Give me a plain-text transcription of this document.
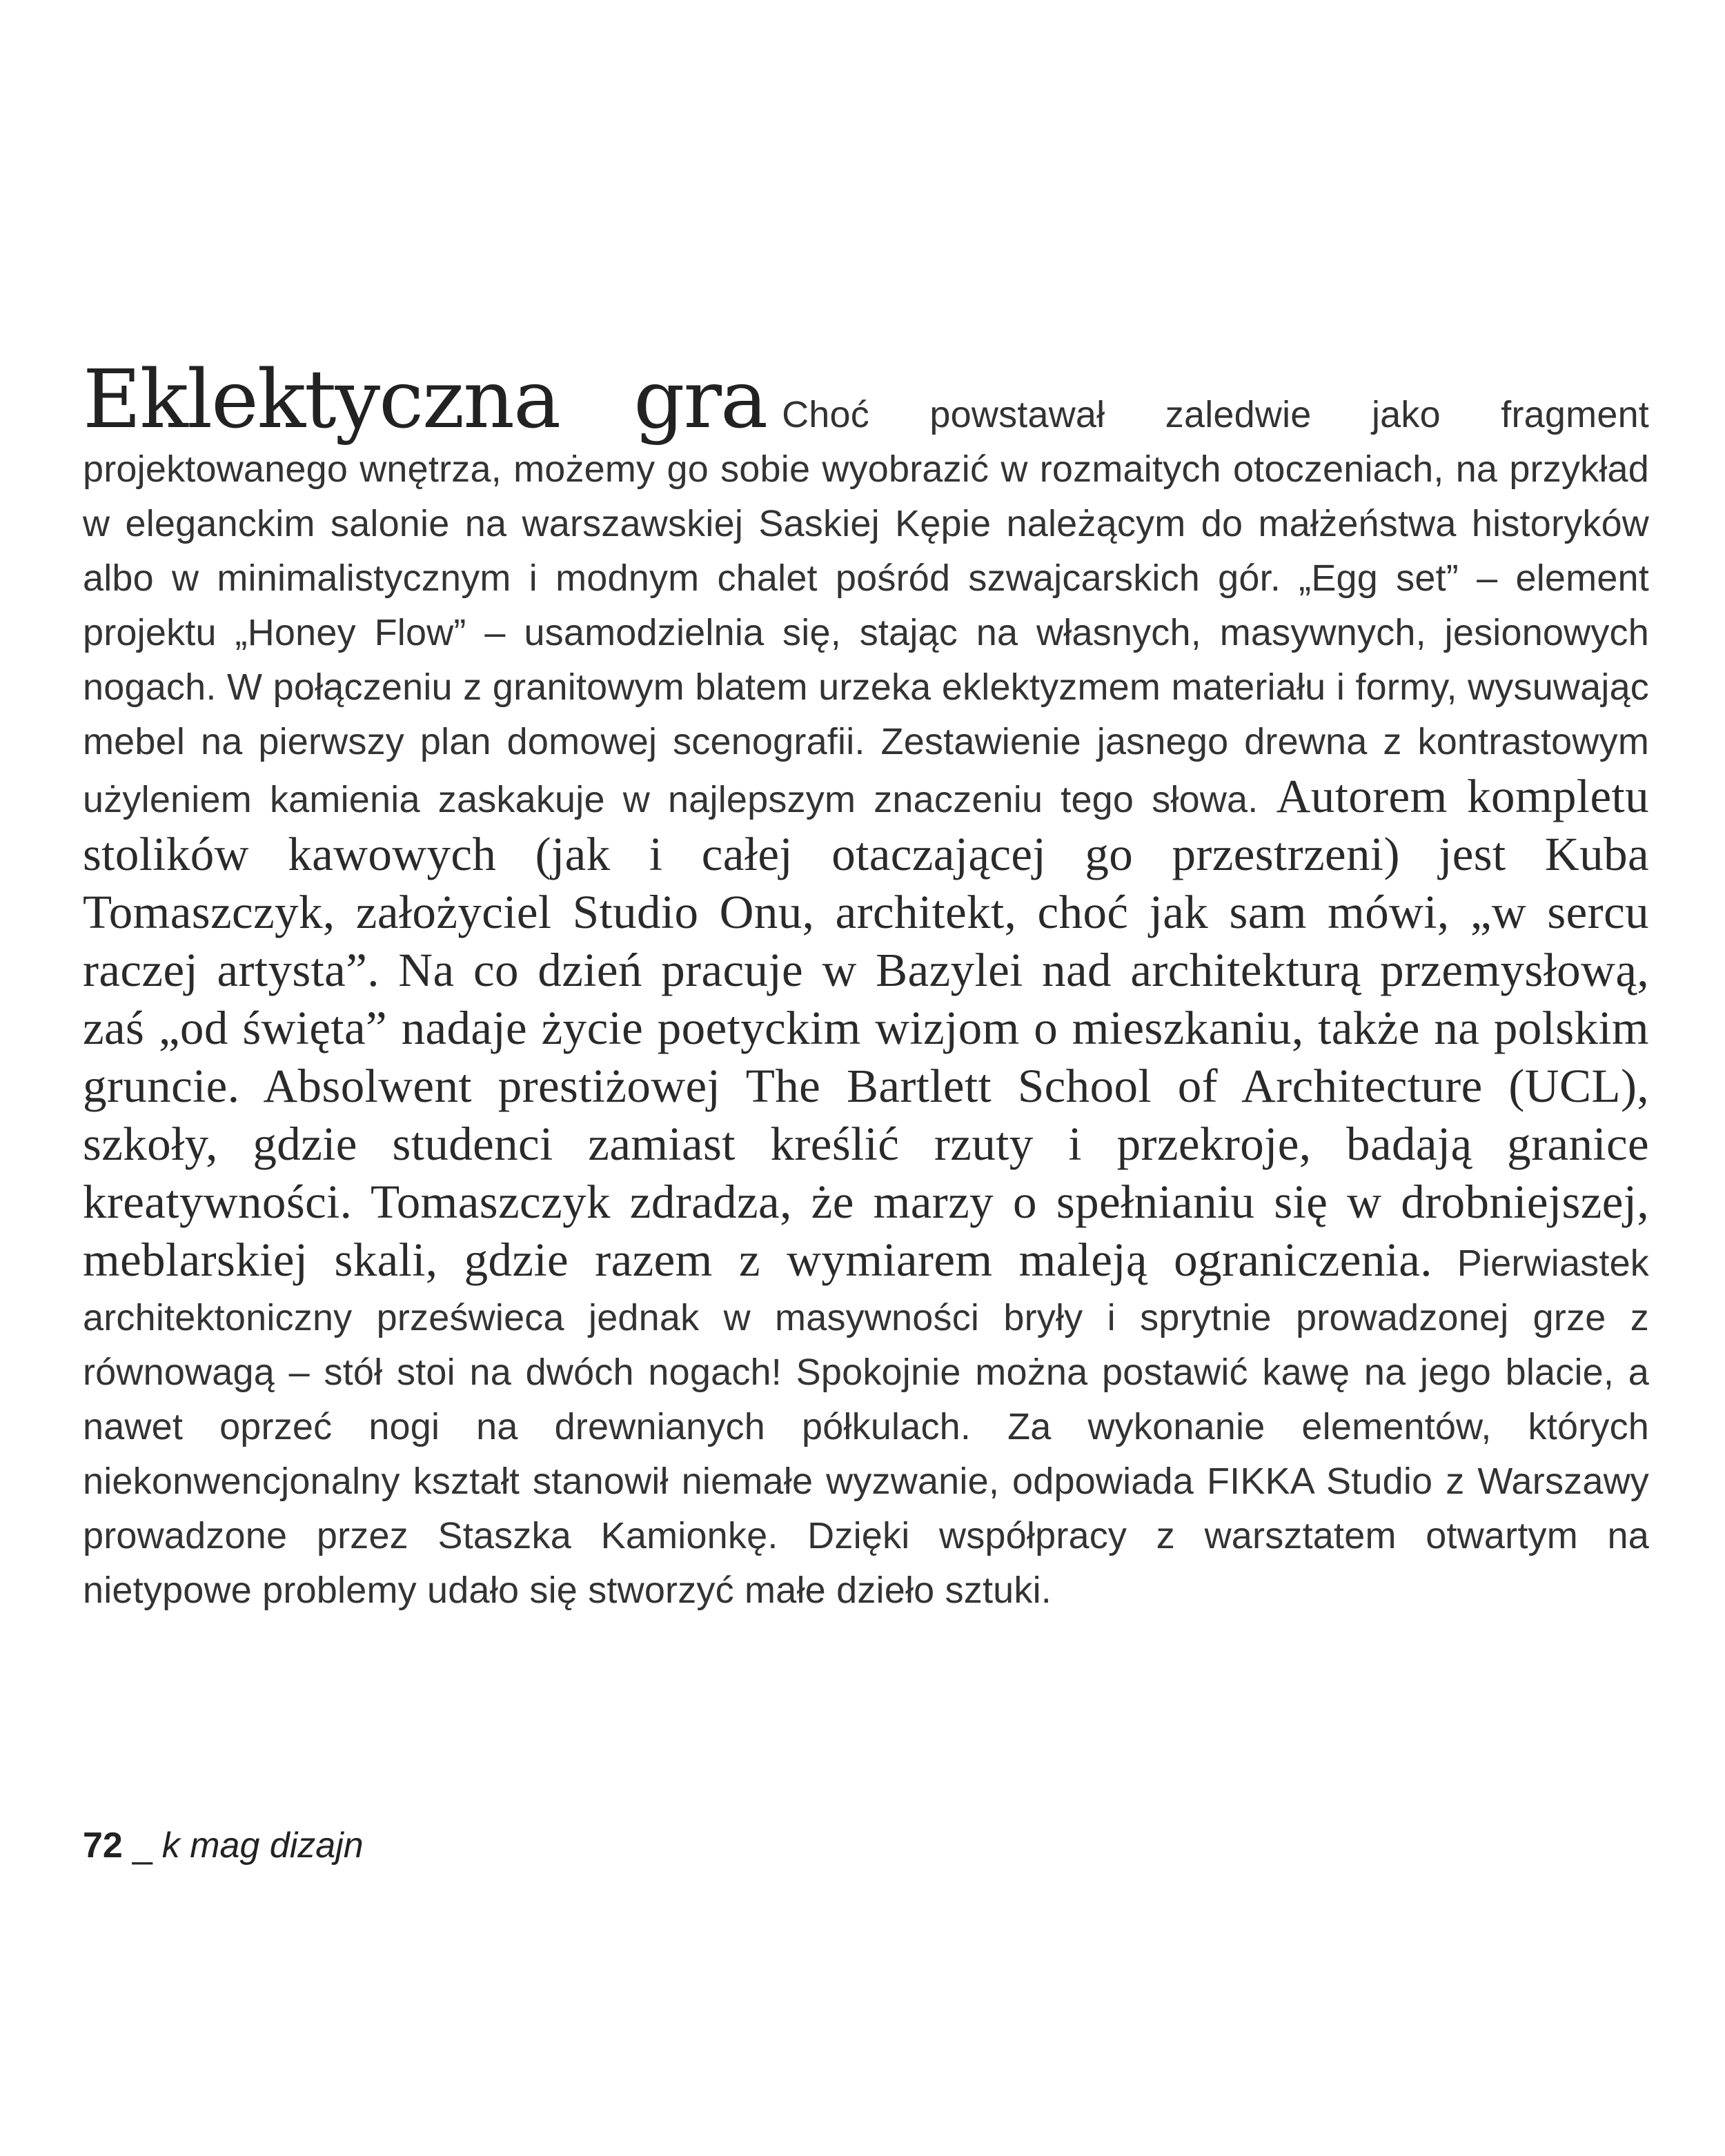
Eklektyczna gra Choć powstawał zaledwie jako fragment projektowanego wnętrza, możemy go sobie wyobrazić w rozmaitych otoczeniach, na przykład w eleganckim salonie na warszawskiej Saskiej Kępie należącym do małżeństwa historyków albo w minimalistycznym i modnym chalet pośród szwajcarskich gór. „Egg set” – element projektu „Honey Flow” – usamodzielnia się, stając na własnych, masywnych, jesionowych nogach. W połączeniu z granitowym blatem urzeka eklektyzmem materiału i formy, wysuwając mebel na pierwszy plan domowej scenografii. Zestawienie jasnego drewna z kontrastowym użyleniem kamienia zaskakuje w najlepszym znaczeniu tego słowa. Autorem kompletu stolików kawowych (jak i całej otaczającej go przestrzeni) jest Kuba Tomaszczyk, założyciel Studio Onu, architekt, choć jak sam mówi, „w sercu raczej artysta”. Na co dzień pracuje w Bazylei nad architekturą przemysłową, zaś „od święta” nadaje życie poetyckim wizjom o mieszkaniu, także na polskim gruncie. Absolwent prestiżowej The Bartlett School of Architecture (UCL), szkoły, gdzie studenci zamiast kreślić rzuty i przekroje, badają granice kreatywności. Tomaszczyk zdradza, że marzy o spełnianiu się w drobniejszej, meblarskiej skali, gdzie razem z wymiarem maleją ograniczenia. Pierwiastek architektoniczny prześwieca jednak w masywności bryły i sprytnie prowadzonej grze z równowagą – stół stoi na dwóch nogach! Spokojnie można postawić kawę na jego blacie, a nawet oprzeć nogi na drewnianych półkulach. Za wykonanie elementów, których niekonwencjonalny kształt stanowił niemałe wyzwanie, odpowiada FIKKA Studio z Warszawy prowadzone przez Staszka Kamionkę. Dzięki współpracy z warsztatem otwartym na nietypowe problemy udało się stworzyć małe dzieło sztuki.
72 _ k mag dizajn
